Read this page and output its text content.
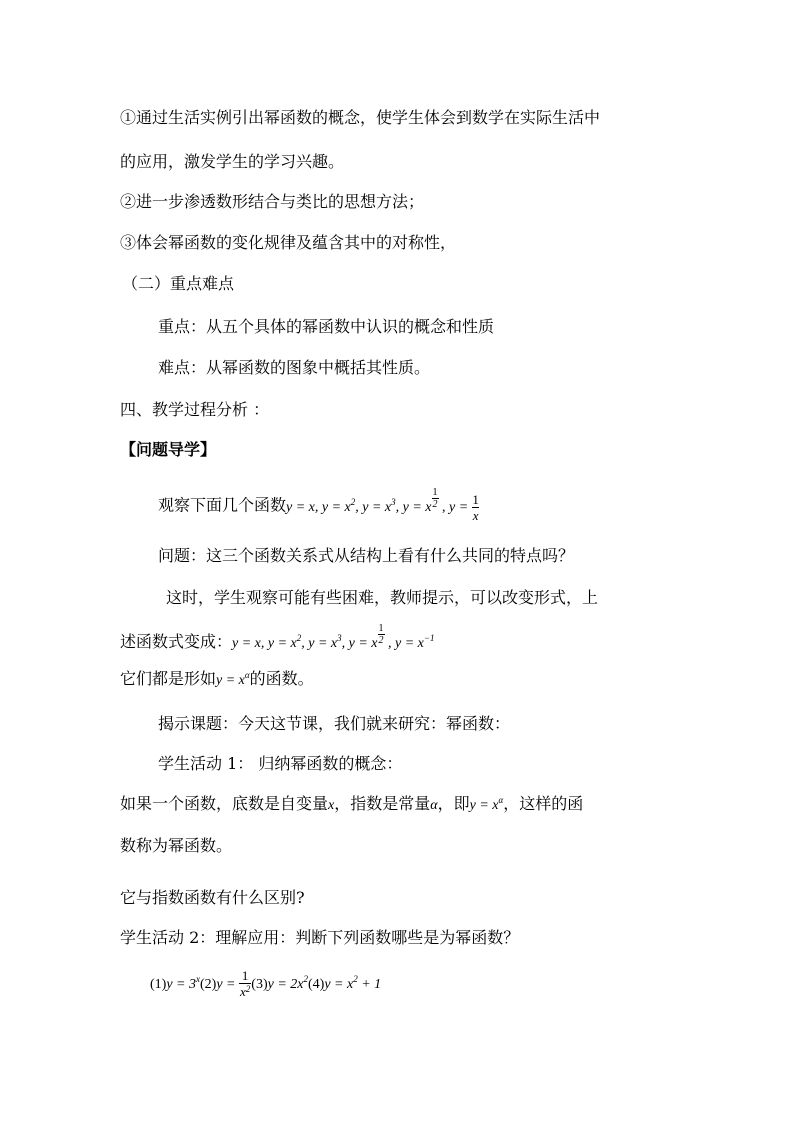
①通过生活实例引出幂函数的概念，使学生体会到数学在实际生活中
的应用，激发学生的学习兴趣。
②进一步渗透数形结合与类比的思想方法；
③体会幂函数的变化规律及蕴含其中的对称性，
（二）重点难点
重点：从五个具体的幂函数中认识的概念和性质
难点：从幂函数的图象中概括其性质。
四、教学过程分析 ：
【问题导学】
观察下面几个函数y = x, $y = x^2$, $y = x^3$, y = x $\frac{1}{2}$ , $y = \frac{1}{x}$
问题：这三个函数关系式从结构上看有什么共同的特点吗？
这时，学生观察可能有些困难，教师提示，可以改变形式，上
述函数式变成：y = x, $y = x^2$, $y = x^3$, y = x $\frac{1}{2}$ , $y = x^{-1}$
它们都是形如$y = x^\alpha$的函数。
揭示课题：今天这节课，我们就来研究：幂函数：
学生活动 1： 归纳幂函数的概念：
如果一个函数，底数是自变量x，指数是常量α，即$y = x^\alpha$，这样的函
数称为幂函数。
它与指数函数有什么区别?
学生活动 2：理解应用：判断下列函数哪些是为幂函数？
$(1)y = 3^x(2)y = \frac{1}{x^2} (3)y = 2x^2(4)y = x^2 + 1$
